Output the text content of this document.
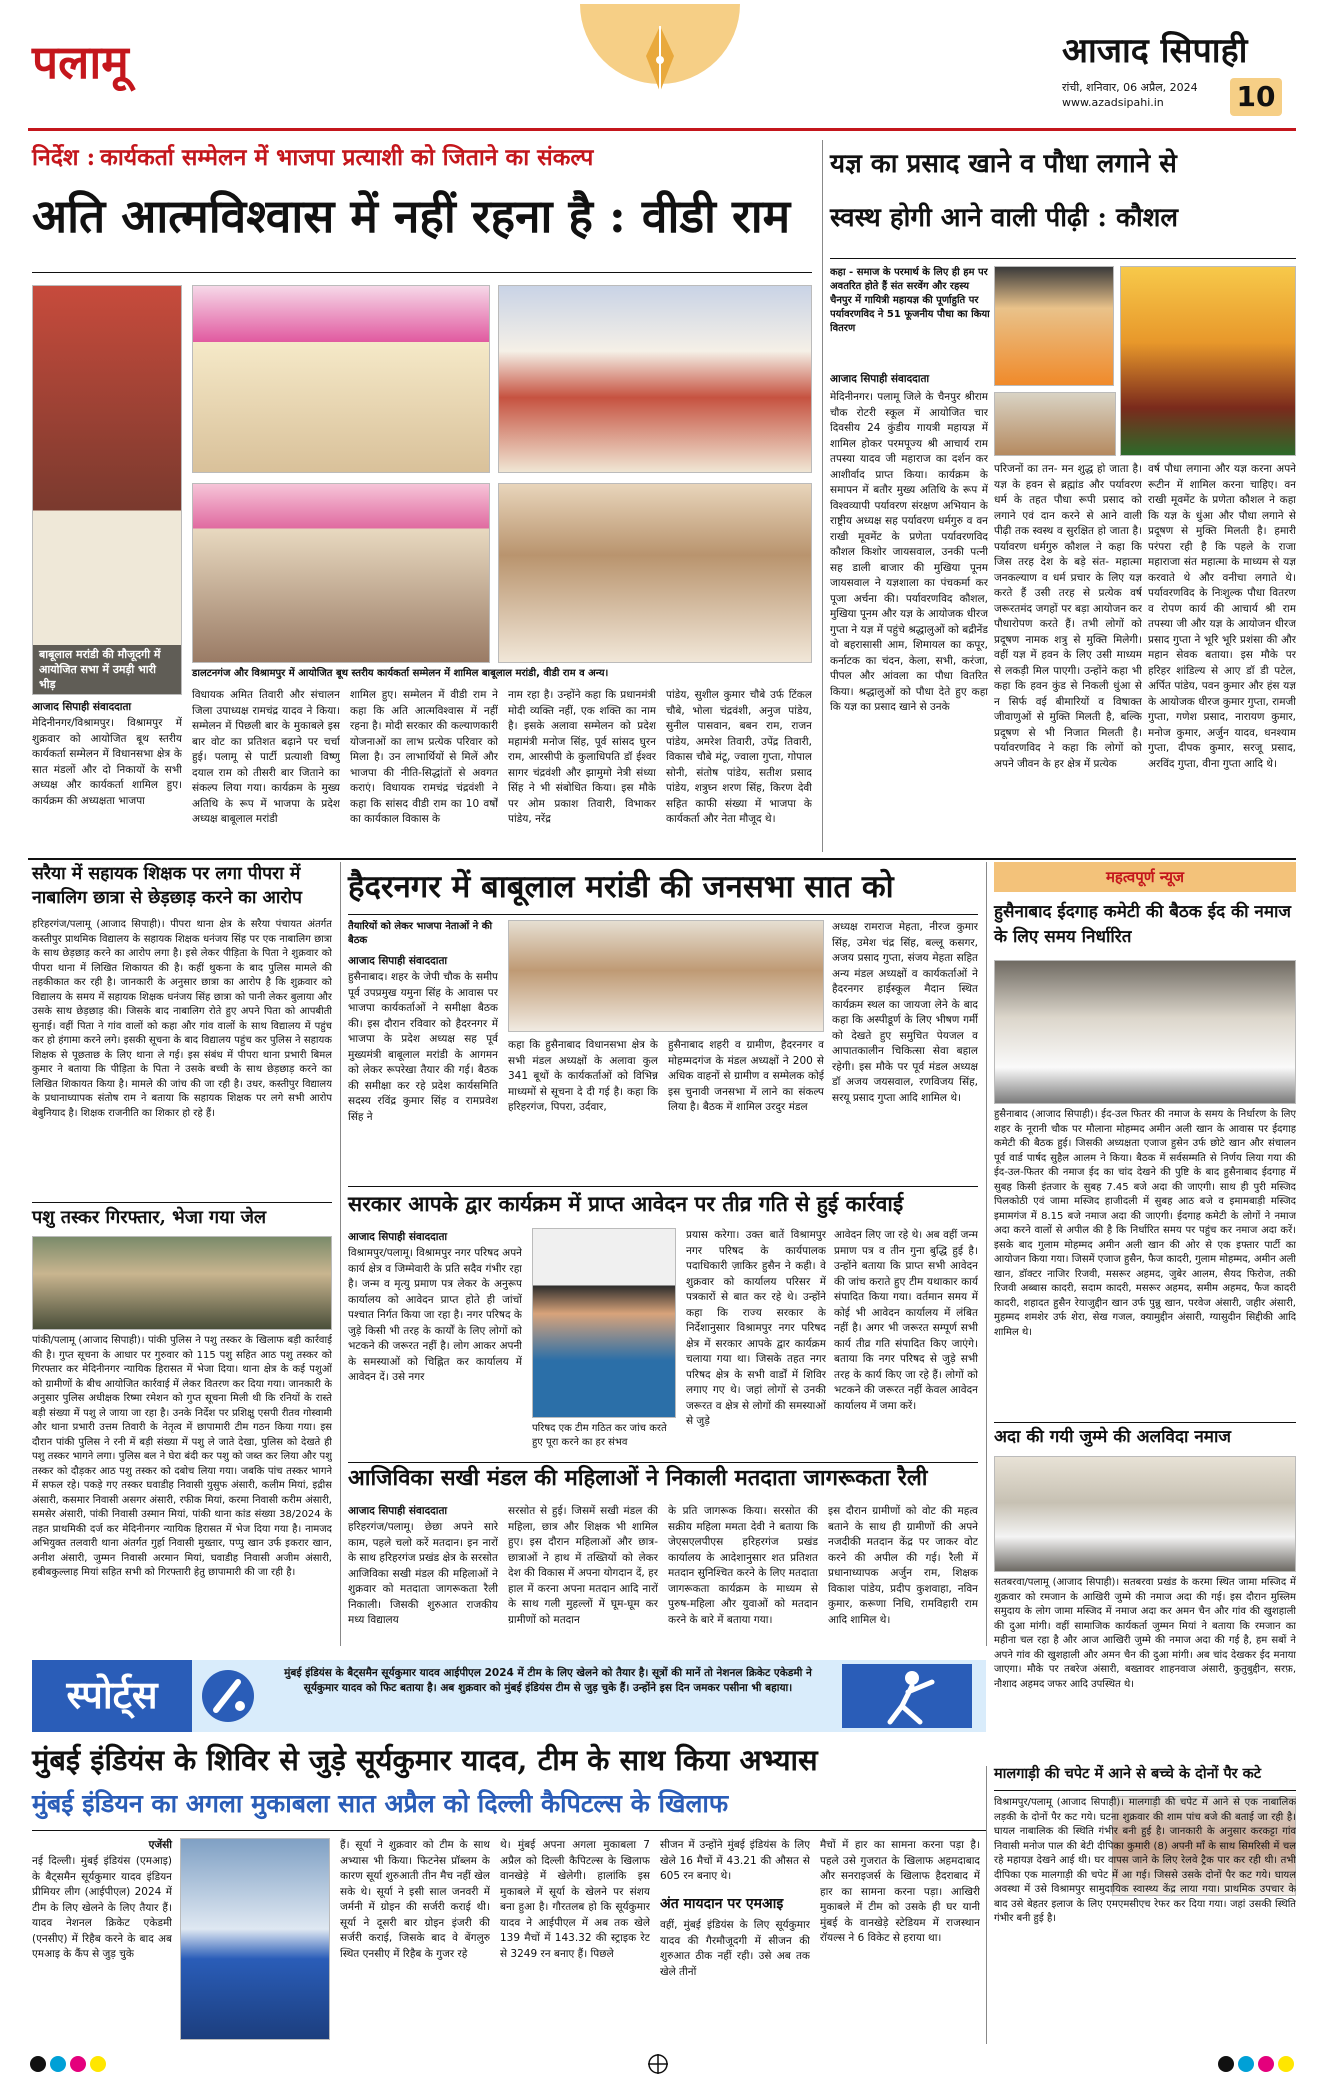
पलामू	आजाद सिपाही
रांची, शनिवार, 06 अप्रैल, 2024
www.azadsipahi.in	10
निर्देश : कार्यकर्ता सम्मेलन में भाजपा प्रत्याशी को जिताने का संकल्प
अति आत्मविश्वास में नहीं रहना है : वीडी राम
बाबूलाल मरांडी की मौजूदगी में आयोजित सभा में उमड़ी भारी भीड़
डालटनगंज और विश्रामपुर में आयोजित बूथ स्तरीय कार्यकर्ता सम्मेलन में शामिल बाबूलाल मरांडी, वीडी राम व अन्य।
आजाद सिपाही संवाददाता
मेदिनीनगर/विश्रामपुर। विश्रामपुर में शुक्रवार को आयोजित बूथ स्तरीय कार्यकर्ता सम्मेलन में विधानसभा क्षेत्र के सात मंडलों और दो निकायों के सभी अध्यक्ष और कार्यकर्ता शामिल हुए। कार्यक्रम की अध्यक्षता भाजपा
विधायक अमित तिवारी और संचालन जिला उपाध्यक्ष रामचंद्र यादव ने किया। सम्मेलन में पिछली बार के मुकाबले इस बार वोट का प्रतिशत बढ़ाने पर चर्चा हुई। पलामू से पार्टी प्रत्याशी विष्णु दयाल राम को तीसरी बार जिताने का संकल्प लिया गया। कार्यक्रम के मुख्य अतिथि के रूप में भाजपा के प्रदेश अध्यक्ष बाबूलाल मरांडी
शामिल हुए। सम्मेलन में वीडी राम ने कहा कि अति आत्मविश्वास में नहीं रहना है। मोदी सरकार की कल्याणकारी योजनाओं का लाभ प्रत्येक परिवार को मिला है। उन लाभार्थियों से मिलें और भाजपा की नीति-सिद्धांतों से अवगत कराएं। विधायक रामचंद्र चंद्रवंशी ने कहा कि सांसद वीडी राम का 10 वर्षों का कार्यकाल विकास के
नाम रहा है। उन्होंने कहा कि प्रधानमंत्री मोदी व्यक्ति नहीं, एक शक्ति का नाम है। इसके अलावा सम्मेलन को प्रदेश महामंत्री मनोज सिंह, पूर्व सांसद घुरन राम, आरसीपी के कुलाधिपति डॉ ईश्वर सागर चंद्रवंशी और झामुमो नेत्री संध्या सिंह ने भी संबोधित किया। इस मौके पर ओम प्रकाश तिवारी, विभाकर पांडेय, नरेंद्र
पांडेय, सुशील कुमार चौबे उर्फ टिंकल चौबे, भोला चंद्रवंशी, अनुज पांडेय, सुनील पासवान, बबन राम, राजन पांडेय, अमरेश तिवारी, उपेंद्र तिवारी, विकास चौबे मंटू, ज्वाला गुप्ता, गोपाल सोनी, संतोष पांडेय, सतीश प्रसाद पांडेय, शत्रुघ्न शरण सिंह, किरण देवी सहित काफी संख्या में भाजपा के कार्यकर्ता और नेता मौजूद थे।
यज्ञ का प्रसाद खाने व पौधा लगाने से
स्वस्थ होगी आने वाली पीढ़ी : कौशल
कहा - समाज के परमार्थ के लिए ही हम पर अवतरित होते हैं संत सरवेंग और रहस्य चैनपुर में गायित्री महायज्ञ की पूर्णाहुति पर पर्यावरणविद ने 51 फूजनीय पौधा का किया वितरण
आजाद सिपाही संवाददाता
मेदिनीनगर। पलामू जिले के चैनपुर श्रीराम चौक रोटरी स्कूल में आयोजित चार दिवसीय 24 कुंडीय गायत्री महायज्ञ में शामिल होकर परमपूज्य श्री आचार्य राम तपस्या यादव जी महाराज का दर्शन कर आशीर्वाद प्राप्त किया। कार्यक्रम के समापन में बतौर मुख्य अतिथि के रूप में विश्वव्यापी पर्यावरण संरक्षण अभियान के राष्ट्रीय अध्यक्ष सह पर्यावरण धर्मगुरु व वन राखी मूवमेंट के प्रणेता पर्यावरणविद कौशल किशोर जायसवाल, उनकी पत्नी सह डाली बाजार की मुखिया पूनम जायसवाल ने यज्ञशाला का पंचकर्मा कर पूजा अर्चना की। पर्यावरणविद कौशल, मुखिया पूनम और यज्ञ के आयोजक धीरज गुप्ता ने यज्ञ में पहुंचे श्रद्धालुओं को बद्रीनेंड वो बहरासासी आम, शिमायल का कपूर, कर्नाटक का चंदन, केला, सभी, करंजा, पीपल और आंवला का पौधा वितरित किया। श्रद्धालुओं को पौधा देते हुए कहा कि यज्ञ का प्रसाद खाने से उनके
परिजनों का तन- मन शुद्ध हो जाता है। यज्ञ के हवन से ब्रह्मांड और पर्यावरण धर्म के तहत पौधा रूपी प्रसाद को लगाने एवं दान करने से आने वाली पीढ़ी तक स्वस्थ व सुरक्षित हो जाता है। पर्यावरण धर्मगुरु कौशल ने कहा कि जिस तरह देश के बड़े संत- महात्मा जनकल्याण व धर्म प्रचार के लिए यज्ञ करते हैं उसी तरह से प्रत्येक वर्ष जरूरतमंद जगहों पर बड़ा आयोजन कर पौधारोपण करते हैं। तभी लोगों को प्रदूषण नामक शत्रु से मुक्ति मिलेगी। वहीं यज्ञ में हवन के लिए उसी माध्यम से लकड़ी मिल पाएगी। उन्होंने कहा भी कहा कि हवन कुंड से निकली धुंआ से न सिर्फ वई बीमारियों व विषाक्त जीवाणुओं से मुक्ति मिलती है, बल्कि प्रदूषण से भी निजात मिलती है। पर्यावरणविद ने कहा कि लोगों को अपने जीवन के हर क्षेत्र में प्रत्येक
वर्ष पौधा लगाना और यज्ञ करना अपने रूटीन में शामिल करना चाहिए। वन राखी मूवमेंट के प्रणेता कौशल ने कहा कि यज्ञ के धुंआ और पौधा लगाने से प्रदूषण से मुक्ति मिलती है। हमारी परंपरा रही है कि पहले के राजा महाराजा संत महात्मा के माध्यम से यज्ञ करवाते थे और वनीचा लगाते थे। पर्यावरणविद के निःशुल्क पौधा वितरण व रोपण कार्य की आचार्य श्री राम तपस्या जी और यज्ञ के आयोजन धीरज प्रसाद गुप्ता ने भूरि भूरि प्रशंसा की और महान सेवक बताया। इस मौके पर हरिहर शांडिल्य से आए डॉ डी पटेल, अर्पित पांडेय, पवन कुमार और हंस यज्ञ के आयोजक धीरज कुमार गुप्ता, रामजी गुप्ता, गणेश प्रसाद, नारायण कुमार, मनोज कुमार, अर्जुन यादव, धनश्याम गुप्ता, दीपक कुमार, सरजू प्रसाद, अरविंद गुप्ता, वीना गुप्ता आदि थे।
सरैया में सहायक शिक्षक पर लगा पीपरा में नाबालिग छात्रा से छेड़छाड़ करने का आरोप
हरिहरगंज/पलामू (आजाद सिपाही)। पीपरा थाना क्षेत्र के सरैया पंचायत अंतर्गत कस्तीपुर प्राथमिक विद्यालय के सहायक शिक्षक धनंजय सिंह पर एक नाबालिग छात्रा के साथ छेड़छाड़ करने का आरोप लगा है। इसे लेकर पीड़िता के पिता ने शुक्रवार को पीपरा थाना में लिखित शिकायत की है। कहीं थुकना के बाद पुलिस मामले की तहकीकात कर रही है। जानकारी के अनुसार छात्रा का आरोप है कि शुक्रवार को विद्यालय के समय में सहायक शिक्षक धनंजय सिंह छात्रा को पानी लेकर बुलाया और उसके साथ छेड़छाड़ की। जिसके बाद नाबालिग रोते हुए अपने पिता को आपबीती सुनाई। वहीं पिता ने गांव वालों को कहा और गांव वालों के साथ विद्यालय में पहुंच कर हो हंगामा करने लगे। इसकी सूचना के बाद विद्यालय पहुंच कर पुलिस ने सहायक शिक्षक से पूछताछ के लिए थाना ले गई। इस संबंध में पीपरा थाना प्रभारी बिमल कुमार ने बताया कि पीड़िता के पिता ने उसके बच्ची के साथ छेड़छाड़ करने का लिखित शिकायत किया है। मामले की जांच की जा रही है। उधर, कस्तीपुर विद्यालय के प्रधानाध्यापक संतोष राम ने बताया कि सहायक शिक्षक पर लगे सभी आरोप बेबुनियाद है। शिक्षक राजनीति का शिकार हो रहे हैं।
पशु तस्कर गिरफ्तार, भेजा गया जेल
पांकी/पलामू (आजाद सिपाही)। पांकी पुलिस ने पशु तस्कर के खिलाफ बड़ी कार्रवाई की है। गुप्त सूचना के आधार पर गुरुवार को 115 पशु सहित आठ पशु तस्कर को गिरफ्तार कर मेदिनीनगर न्यायिक हिरासत में भेजा दिया। थाना क्षेत्र के कई पशुओं को ग्रामीणों के बीच आयोजित कार्रवाई में लेकर वितरण कर दिया गया। जानकारी के अनुसार पुलिस अधीक्षक रिष्मा रमेशन को गुप्त सूचना मिली थी कि रनियों के रास्ते बड़ी संख्या में पशु ले जाया जा रहा है। उनके निर्देश पर प्रशिक्षु एसपी रीतव गोस्वामी और थाना प्रभारी उत्तम तिवारी के नेतृत्व में छापामारी टीम गठन किया गया। इस दौरान पांकी पुलिस ने रनी में बड़ी संख्या में पशु ले जाते देखा, पुलिस को देखते ही पशु तस्कर भागने लगा। पुलिस बल ने घेरा बंदी कर पशु को जब्त कर लिया और पशु तस्कर को दौड़कर आठ पशु तस्कर को दबोच लिया गया। जबकि पांच तस्कर भागने में सफल रहे। पकड़े गए तस्कर घवाडीह निवासी युसुफ अंसारी, कलीम मियां, इद्रीस अंसारी, कसमार निवासी असगर अंसारी, रफीक मियां, करमा निवासी करीम अंसारी, समसेर अंसारी, पांकी निवासी उस्मान मियां, पांकी थाना कांड संख्या 38/2024 के तहत प्राथमिकी दर्ज कर मेदिनीनगर न्यायिक हिरासत में भेज दिया गया है। नामजद अभियुक्त तलवारी थाना अंतर्गत गुर्हा निवासी मुख्तार, पप्पु खान उर्फ इकरार खान, अनीश अंसारी, जुम्मन निवासी अरमान मियां, घवाडीह निवासी अजीम अंसारी, हबीबकुल्लाह मियां सहित सभी को गिरफ्तारी हेतु छापामारी की जा रही है।
हैदरनगर में बाबूलाल मरांडी की जनसभा सात को
तैयारियों को लेकर भाजपा नेताओं ने की बैठक
आजाद सिपाही संवाददाता
हुसैनाबाद। शहर के जेपी चौक के समीप पूर्व उपप्रमुख यमुना सिंह के आवास पर भाजपा कार्यकर्ताओं ने समीक्षा बैठक की। इस दौरान रविवार को हैदरनगर में भाजपा के प्रदेश अध्यक्ष सह पूर्व मुख्यमंत्री बाबूलाल मरांडी के आगमन को लेकर रूपरेखा तैयार की गई। बैठक की समीक्षा कर रहे प्रदेश कार्यसमिति सदस्य रविंद्र कुमार सिंह व रामप्रवेश सिंह ने
कहा कि हुसैनाबाद विधानसभा क्षेत्र के सभी मंडल अध्यक्षों के अलावा कुल 341 बूथों के कार्यकर्ताओं को विभिन्न माध्यमों से सूचना दे दी गई है। कहा कि हरिहरगंज, पिपरा, उर्दवार,
हुसैनाबाद शहरी व ग्रामीण, हैदरनगर व मोहम्मदगंज के मंडल अध्यक्षों ने 200 से अधिक वाहनों से ग्रामीण व सम्मेलक कोई इस चुनावी जनसभा में लाने का संकल्प लिया है। बैठक में शामिल उरदुर मंडल
अध्यक्ष रामराज मेहता, नीरज कुमार सिंह, उमेश चंद्र सिंह, बल्लू कसगर, अजय प्रसाद गुप्ता, संजय मेहता सहित अन्य मंडल अध्यक्षों व कार्यकर्ताओं ने हैदरनगर हाईस्कूल मैदान स्थित कार्यक्रम स्थल का जायजा लेने के बाद कहा कि अस्पीडूर्ण के लिए भीषण गर्मी को देखते हुए समुचित पेयजल व आपातकालीन चिकित्सा सेवा बहाल रहेगी। इस मौके पर पूर्व मंडल अध्यक्ष डॉ अजय जयसवाल, रणविजय सिंह, सरयू प्रसाद गुप्ता आदि शामिल थे।
सरकार आपके द्वार कार्यक्रम में प्राप्त आवेदन पर तीव्र गति से हुई कार्रवाई
आजाद सिपाही संवाददाता
विश्रामपुर/पलामू। विश्रामपुर नगर परिषद अपने कार्य क्षेत्र व जिम्मेवारी के प्रति सदैव गंभीर रहा है। जन्म व मृत्यु प्रमाण पत्र लेकर के अनुरूप कार्यालय को आवेदन प्राप्त होते ही जांचों पश्चात निर्गत किया जा रहा है। नगर परिषद के जुड़े किसी भी तरह के कार्यों के लिए लोगों को भटकने की जरूरत नहीं है। लोग आकर अपनी के समस्याओं को चिह्नित कर कार्यालय में आवेदन दें। उसे नगर
परिषद एक टीम गठित कर जांच करते हुए पूरा करने का हर संभव
प्रयास करेगा। उक्त बातें विश्रामपुर नगर परिषद के कार्यपालक पदाधिकारी ज़ाकिर हुसैन ने कही। वे शुक्रवार को कार्यालय परिसर में पत्रकारों से बात कर रहे थे। उन्होंने कहा कि राज्य सरकार के निर्देशानुसार विश्रामपुर नगर परिषद क्षेत्र में सरकार आपके द्वार कार्यक्रम चलाया गया था। जिसके तहत नगर परिषद क्षेत्र के सभी वार्डों में शिविर लगाए गए थे। जहां लोगों से उनकी जरूरत व क्षेत्र से लोगों की समस्याओं से जुड़े
आवेदन लिए जा रहे थे। अब वहीं जन्म प्रमाण पत्र व तीन गुना बुद्धि हुई है। उन्होंने बताया कि प्राप्त सभी आवेदन की जांच कराते हुए टीम यथाकार कार्य संपादित किया गया। वर्तमान समय में कोई भी आवेदन कार्यालय में लंबित नहीं है। अगर भी जरूरत सम्पूर्ण सभी कार्य तीव्र गति संपादित किए जाएंगे। बताया कि नगर परिषद से जुड़े सभी तरह के कार्य किए जा रहे हैं। लोगों को भटकने की जरूरत नहीं केवल आवेदन कार्यालय में जमा करें।
आजिविका सखी मंडल की महिलाओं ने निकाली मतदाता जागरूकता रैली
आजाद सिपाही संवाददाता
हरिहरगंज/पलामू। छेछा अपने सारे काम, पहले चलो करें मतदान। इन नारों के साथ हरिहरगंज प्रखंड क्षेत्र के सरसोत आजिविका सखी मंडल की महिलाओं ने शुक्रवार को मतदाता जागरूकता रैली निकाली। जिसकी शुरुआत राजकीय मध्य विद्यालय
सरसोत से हुई। जिसमें सखी मंडल की महिला, छात्र और शिक्षक भी शामिल हुए। इस दौरान महिलाओं और छात्र-छात्राओं ने हाथ में तख्तियों को लेकर देश की विकास में अपना योगदान दें, हर हाल में करना अपना मतदान आदि नारों के साथ गली मुहल्लों में घूम-घूम कर ग्रामीणों को मतदान
के प्रति जागरूक किया। सरसोत की सक्रीय महिला ममता देवी ने बताया कि जेएसएलपीएस हरिहरगंज प्रखंड कार्यालय के आदेशानुसार शत प्रतिशत मतदान सुनिश्चित करने के लिए मतदाता जागरूकता कार्यक्रम के माध्यम से पुरुष-महिला और युवाओं को मतदान करने के बारे में बताया गया।
इस दौरान ग्रामीणों को वोट की महत्व बताने के साथ ही ग्रामीणों की अपने नजदीकी मतदान केंद्र पर जाकर वोट करने की अपील की गई। रैली में प्रधानाध्यापक अर्जुन राम, शिक्षक विकाश पांडेय, प्रदीप कुशवाहा, नविन कुमार, करूणा निधि, रामविहारी राम आदि शामिल थे।
महत्वपूर्ण न्यूज
हुसैनाबाद ईदगाह कमेटी की बैठक ईद की नमाज के लिए समय निर्धारित
हुसैनाबाद (आजाद सिपाही)। ईद-उल फितर की नमाज के समय के निर्धारण के लिए शहर के नूरानी चौक पर मौलाना मोहम्मद अमीन अली खान के आवास पर ईदगाह कमेटी की बैठक हुई। जिसकी अध्यक्षता एजाज हुसेन उर्फ छोटे खान और संचालन पूर्व वार्ड पार्षद सुहैल आलम ने किया। बैठक में सर्वसम्मति से निर्णय लिया गया की ईद-उल-फितर की नमाज ईद का चांद देखने की पुष्टि के बाद हुसैनाबाद ईदगाह में सुबह किसी इंतजार के सुबह 7.45 बजे अदा की जाएगी। साथ ही पुरी मस्जिद पिलकोठी एवं जामा मस्जिद हाजीदली में सुबह आठ बजे व इमामबाड़ी मस्जिद इमामगंज में 8.15 बजे नमाज अदा की जाएगी। ईदगाह कमेटी के लोगों ने नमाज अदा करने वालों से अपील की है कि निर्धारित समय पर पहुंच कर नमाज अदा करें। इसके बाद गुलाम मोहम्मद अमीन अली खान की ओर से एक इफ्तार पार्टी का आयोजन किया गया। जिसमें एजाज हुसैन, फैज कादरी, गुलाम मोहम्मद, अमीन अली खान, डॉक्टर नाजिर रिजवी, मसरूर अहमद, जुबेर आलम, सैयद फिरोज, तकी रिजवी अब्बास कादरी, सदाम कादरी, मसरूर अहमद, समीम अहमद, फैज कादरी कादरी, शहादत हुसैन रेयाजुद्दीन खान उर्फ पुन्नु खान, परवेज अंसारी, जहीर अंसारी, मुहम्मद शमशेर उर्फ शेरा, सेख गजल, क्यामुद्दीन अंसारी, ग्यासुदीन सिद्दीकी आदि शामिल थे।
अदा की गयी जुम्मे की अलविदा नमाज
सतबरवा/पलामू (आजाद सिपाही)। सतबरवा प्रखंड के करमा स्थित जामा मस्जिद में शुक्रवार को रमजान के आखिरी जुम्मे की नमाज अदा की गई। इस दौरान मुस्लिम समुदाय के लोग जामा मस्जिद में नमाज अदा कर अमन चैन और गांव की खुशहाली की दुआ मांगी। वहीं सामाजिक कार्यकर्ता जुम्मन मियां ने बताया कि रमजान का महीना चल रहा है और आज आखिरी जुम्मे की नमाज अदा की गई है, हम सबों ने अपने गांव की खुशहाली और अमन चैन की दुआ मांगी। अब चांद देखकर ईद मनाया जाएगा। मौके पर तबरेज अंसारी, बख्तावर शाहनवाज अंसारी, कुतुबुद्दीन, सरफ़, नौशाद अहमद जफर आदि उपस्थित थे।
स्पोर्ट्स	मुंबई इंडियंस के बैट्समैन सूर्यकुमार यादव आईपीएल 2024 में टीम के लिए खेलने को तैयार है। सूत्रों की मानें तो नेशनल क्रिकेट एकेडमी ने सूर्यकुमार यादव को फिट बताया है। अब शुक्रवार को मुंबई इंडियंस टीम से जुड़ चुके हैं। उन्होंने इस दिन जमकर पसीना भी बहाया।
मुंबई इंडियंस के शिविर से जुड़े सूर्यकुमार यादव, टीम के साथ किया अभ्यास
मुंबई इंडियन का अगला मुकाबला सात अप्रैल को दिल्ली कैपिटल्स के खिलाफ
एजेंसी
नई दिल्ली। मुंबई इंडियंस (एमआइ) के बैट्समैन सूर्यकुमार यादव इंडियन प्रीमियर लीग (आईपीएल) 2024 में टीम के लिए खेलने के लिए तैयार हैं। यादव नेशनल क्रिकेट एकेडमी (एनसीए) में रिहैब करने के बाद अब एमआइ के कैंप से जुड़ चुके
हैं। सूर्या ने शुक्रवार को टीम के साथ अभ्यास भी किया। फिटनेस प्रॉब्लम के कारण सूर्या शुरुआती तीन मैच नहीं खेल सके थे। सूर्या ने इसी साल जनवरी में जर्मनी में ग्रोइन की सर्जरी कराई थी। सूर्या ने दूसरी बार ग्रोइन इंजरी की सर्जरी कराई, जिसके बाद वे बेंगलुरु स्थित एनसीए में रिहैब के गुजर रहे
थे। मुंबई अपना अगला मुकाबला 7 अप्रैल को दिल्ली कैपिटल्स के खिलाफ वानखेड़े में खेलेगी। हालांकि इस मुकाबले में सूर्या के खेलने पर संशय बना हुआ है। गौरतलब हो कि सूर्यकुमार यादव ने आईपीएल में अब तक खेले 139 मैचों में 143.32 की स्ट्राइक रेट से 3249 रन बनाए हैं। पिछले
सीजन में उन्होंने मुंबई इंडियंस के लिए खेले 16 मैचों में 43.21 की औसत से 605 रन बनाए थे।
अंत मायदान पर एमआइ
वहीं, मुंबई इंडियंस के लिए सूर्यकुमार यादव की गैरमौजूदगी में सीजन की शुरुआत ठीक नहीं रही। उसे अब तक खेले तीनों
मैचों में हार का सामना करना पड़ा है। पहले उसे गुजरात के खिलाफ अहमदाबाद और सनराइजर्स के खिलाफ हैदराबाद में हार का सामना करना पड़ा। आखिरी मुकाबले में टीम को उसके ही घर यानी मुंबई के वानखेड़े स्टेडियम में राजस्थान रॉयल्स ने 6 विकेट से हराया था।
मालगाड़ी की चपेट में आने से बच्चे के दोनों पैर कटे
विश्रामपुर/पलामू (आजाद सिपाही)। मालगाड़ी की चपेट में आने से एक नाबालिक लड़की के दोनों पैर कट गये। घटना शुक्रवार की शाम पांच बजे की बताई जा रही है। घायल नाबालिक की स्थिति गंभीर बनी हुई है। जानकारी के अनुसार करकट्टा गांव निवासी मनोज पाल की बेटी दीपिका कुमारी (8) अपनी माँ के साथ सिमरिसी में चल रहे महायज्ञ देखने आई थी। घर वापस जाने के लिए रेलवे ट्रैक पार कर रही थी। तभी दीपिका एक मालगाड़ी की चपेट में आ गई। जिससे उसके दोनों पैर कट गये। घायल अवस्था में उसे विश्रामपुर सामुदायिक स्वास्थ्य केंद्र लाया गया। प्राथमिक उपचार के बाद उसे बेहतर इलाज के लिए एमएमसीएच रेफर कर दिया गया। जहां उसकी स्थिति गंभीर बनी हुई है।
